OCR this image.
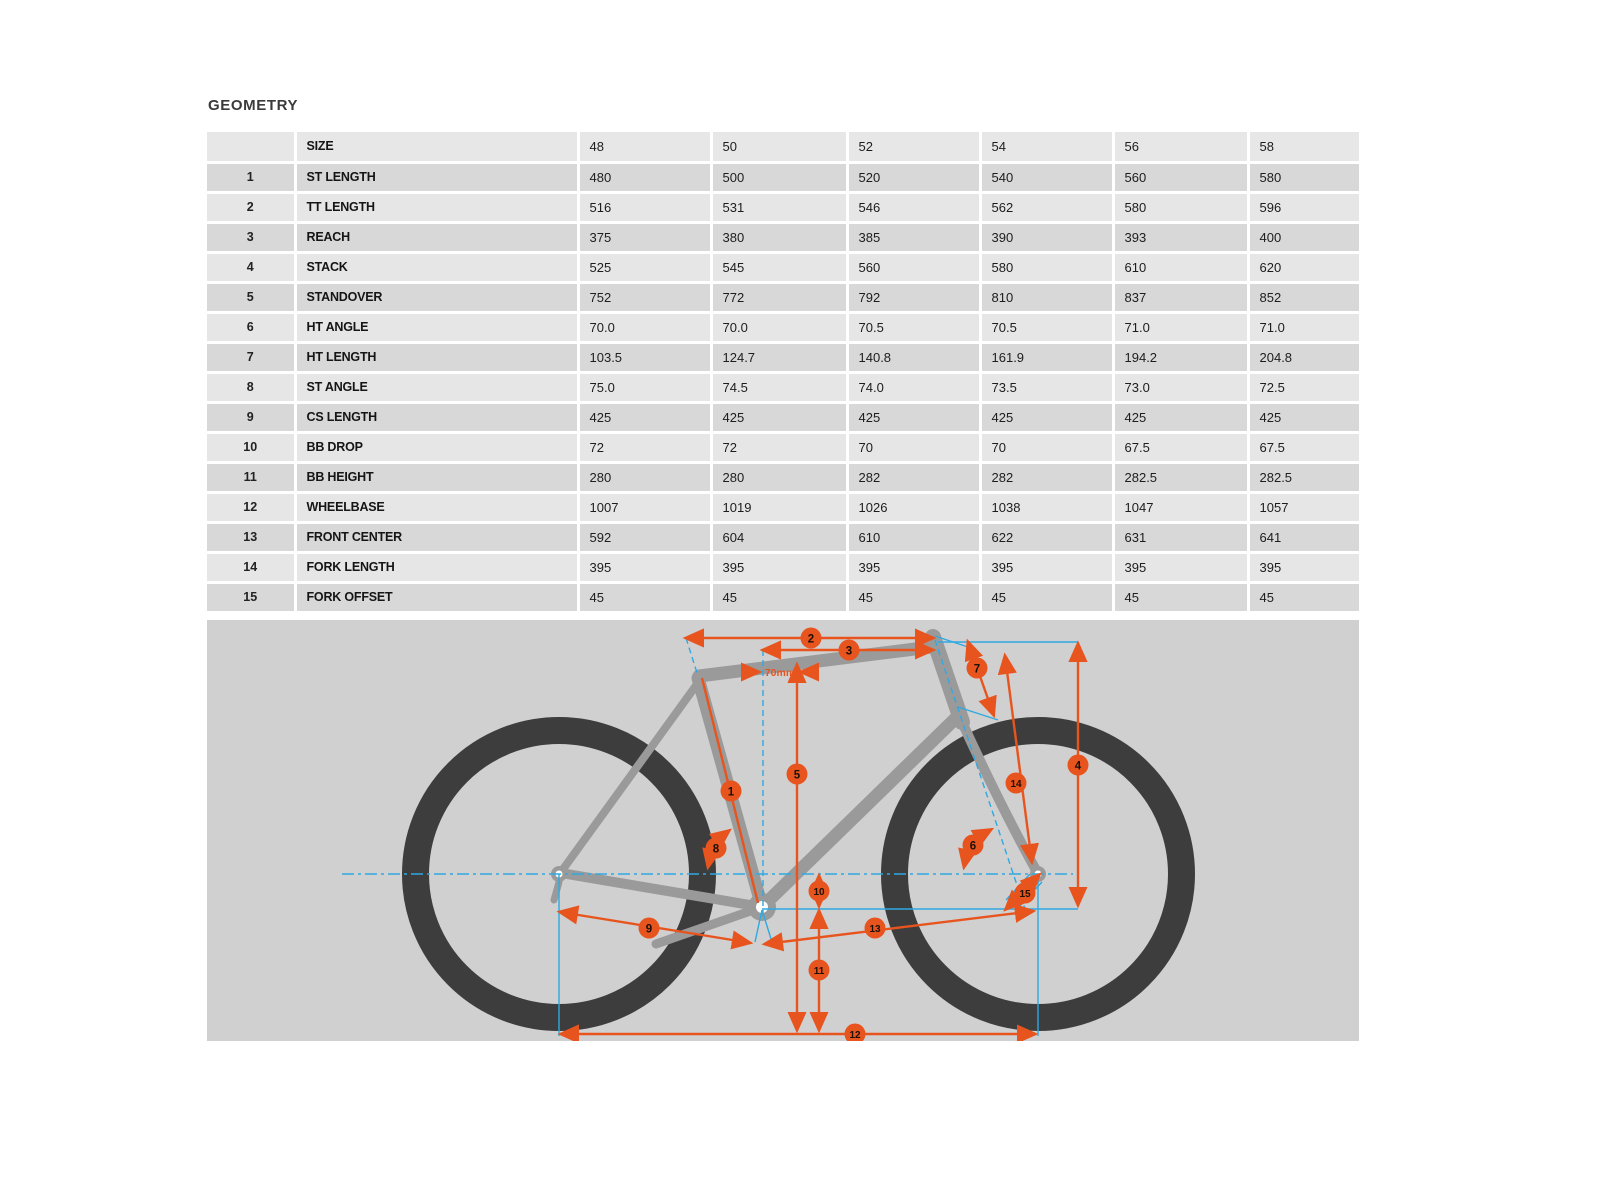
GEOMETRY
	SIZE	48	50	52	54	56	58
1	ST LENGTH	480	500	520	540	560	580
2	TT LENGTH	516	531	546	562	580	596
3	REACH	375	380	385	390	393	400
4	STACK	525	545	560	580	610	620
5	STANDOVER	752	772	792	810	837	852
6	HT ANGLE	70.0	70.0	70.5	70.5	71.0	71.0
7	HT LENGTH	103.5	124.7	140.8	161.9	194.2	204.8
8	ST ANGLE	75.0	74.5	74.0	73.5	73.0	72.5
9	CS LENGTH	425	425	425	425	425	425
10	BB DROP	72	72	70	70	67.5	67.5
11	BB HEIGHT	280	280	282	282	282.5	282.5
12	WHEELBASE	1007	1019	1026	1038	1047	1057
13	FRONT CENTER	592	604	610	622	631	641
14	FORK LENGTH	395	395	395	395	395	395
15	FORK OFFSET	45	45	45	45	45	45
70mm
1
2
3
4
5
6
7
8
9
10
11
12
13
14
15
